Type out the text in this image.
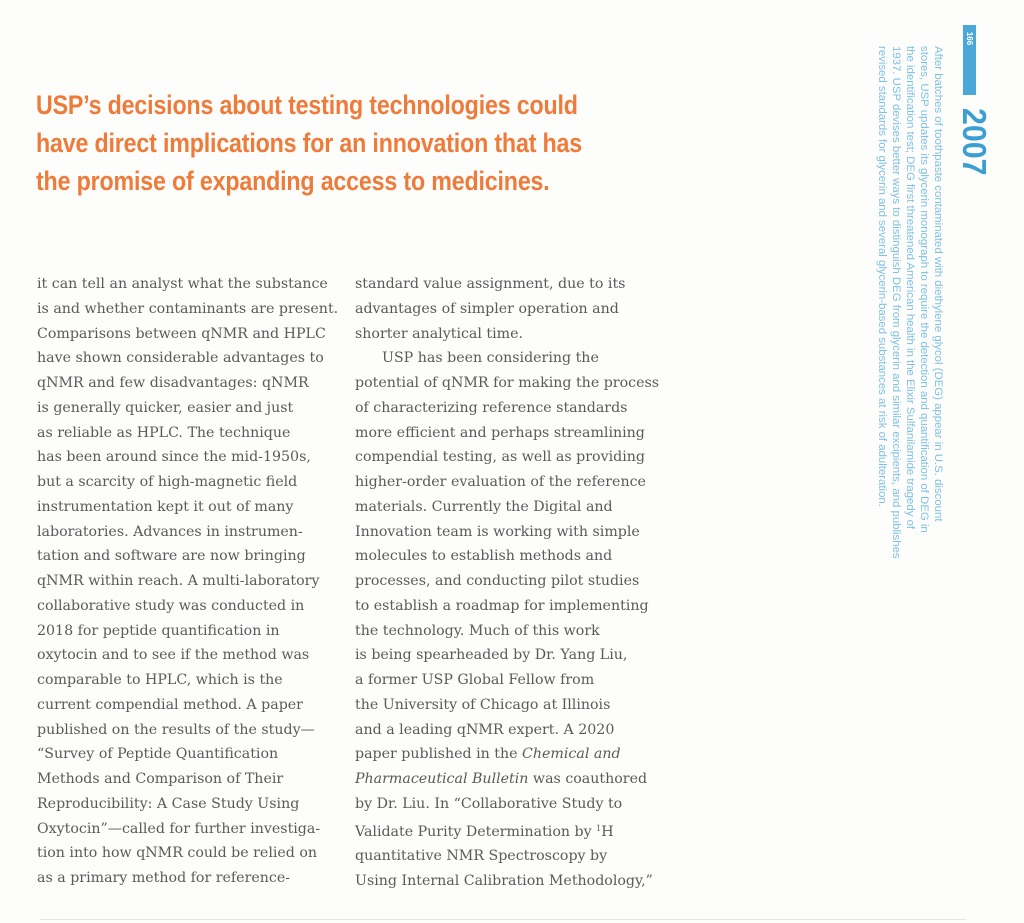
USP’s decisions about testing technologies could
have direct implications for an innovation that has
the promise of expanding access to medicines.
it can tell an analyst what the substance
is and whether contaminants are present.
Comparisons between qNMR and HPLC
have shown considerable advantages to
qNMR and few disadvantages: qNMR
is generally quicker, easier and just
as reliable as HPLC. The technique
has been around since the mid-1950s,
but a scarcity of high-magnetic field
instrumentation kept it out of many
laboratories. Advances in instrumen-
tation and software are now bringing
qNMR within reach. A multi-laboratory
collaborative study was conducted in
2018 for peptide quantification in
oxytocin and to see if the method was
comparable to HPLC, which is the
current compendial method. A paper
published on the results of the study—
“Survey of Peptide Quantification
Methods and Comparison of Their
Reproducibility: A Case Study Using
Oxytocin”—called for further investiga-
tion into how qNMR could be relied on
as a primary method for reference-
standard value assignment, due to its
advantages of simpler operation and
shorter analytical time.
USP has been considering the
potential of qNMR for making the process
of characterizing reference standards
more efficient and perhaps streamlining
compendial testing, as well as providing
higher-order evaluation of the reference
materials. Currently the Digital and
Innovation team is working with simple
molecules to establish methods and
processes, and conducting pilot studies
to establish a roadmap for implementing
the technology. Much of this work
is being spearheaded by Dr. Yang Liu,
a former USP Global Fellow from
the University of Chicago at Illinois
and a leading qNMR expert. A 2020
paper published in the Chemical and
Pharmaceutical Bulletin was coauthored
by Dr. Liu. In “Collaborative Study to
Validate Purity Determination by $^1$H
quantitative NMR Spectroscopy by
Using Internal Calibration Methodology,”
166
2007
After batches of toothpaste contaminated with diethylene glycol (DEG) appear in U.S. discount
stores, USP updates its glycerin monograph to require the detection and quantification of DEG in
the identification test; DEG first threatened American health in the Elixir Sulfanilamide tragedy of
1937. USP devises better ways to distinguish DEG from glycerin and similar excipients, and publishes
revised standards for glycerin and several glycerin-based substances at risk of adulteration.
